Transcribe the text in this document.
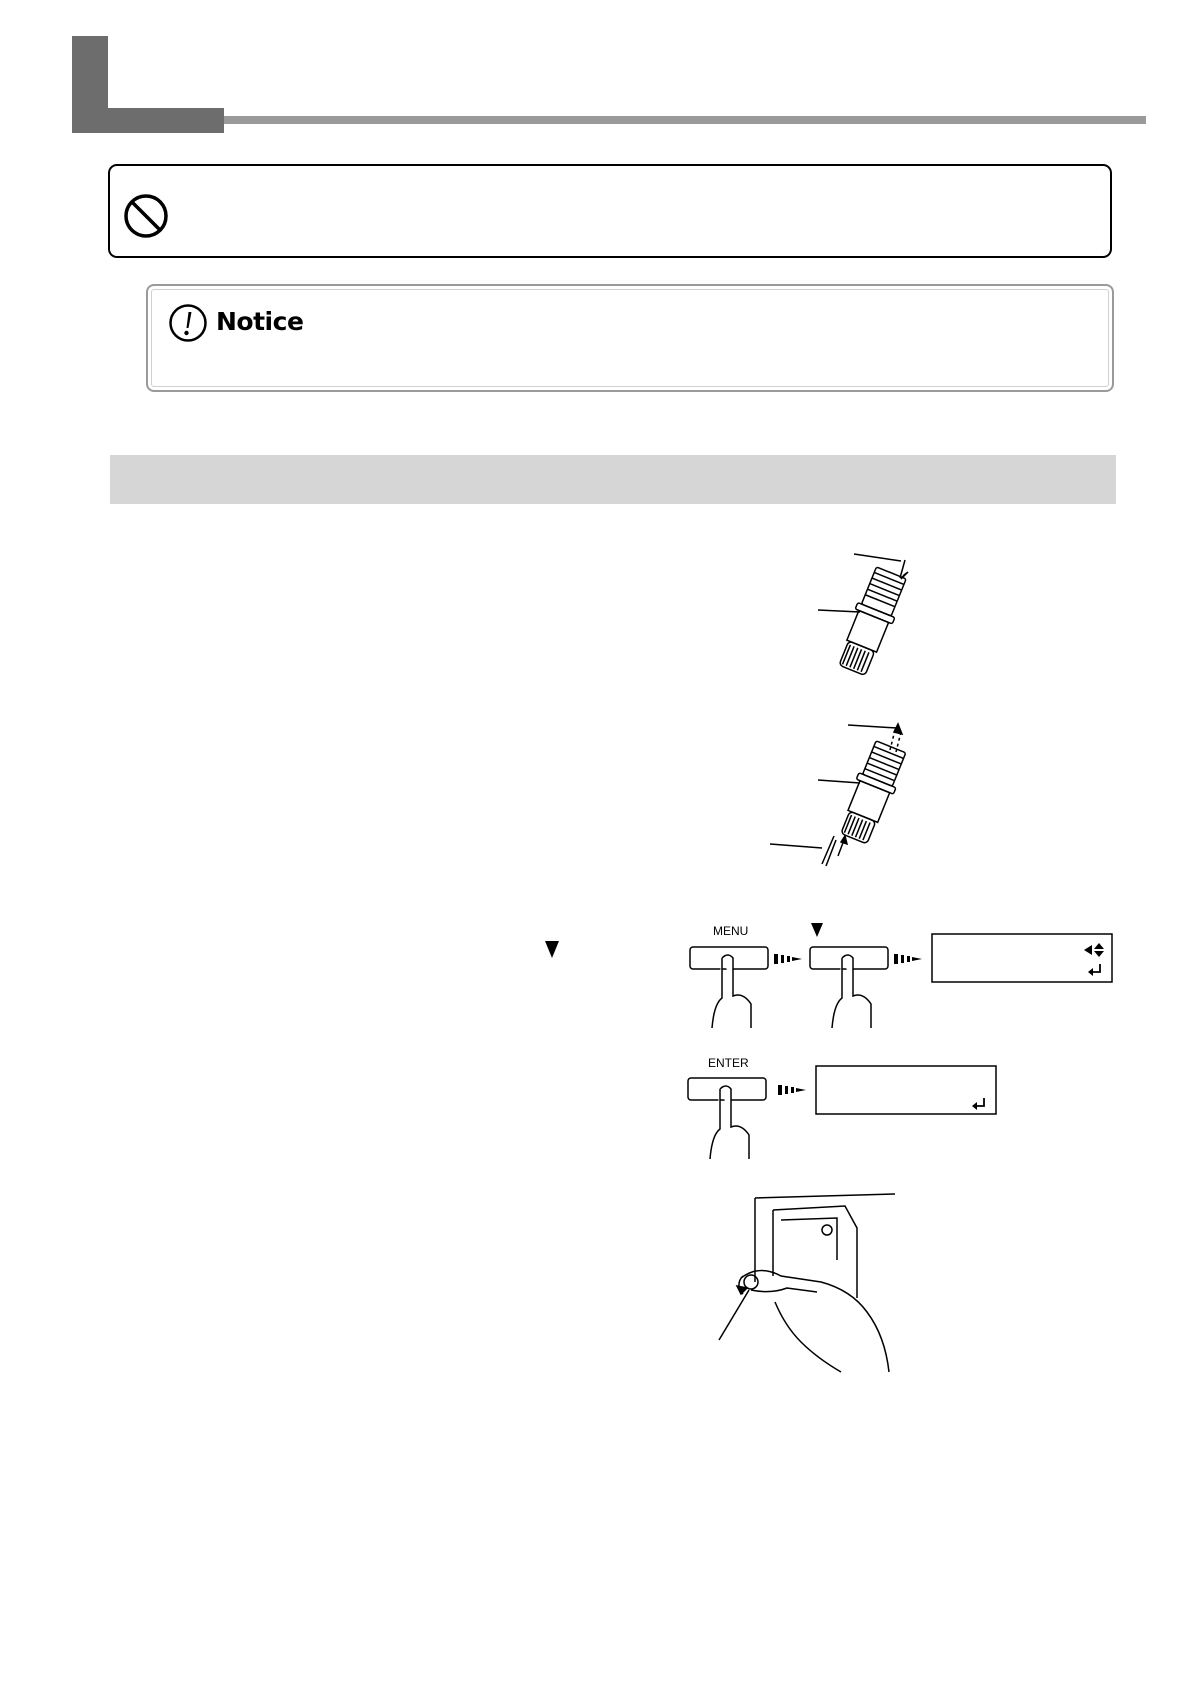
Notice
MENU
ENTER
